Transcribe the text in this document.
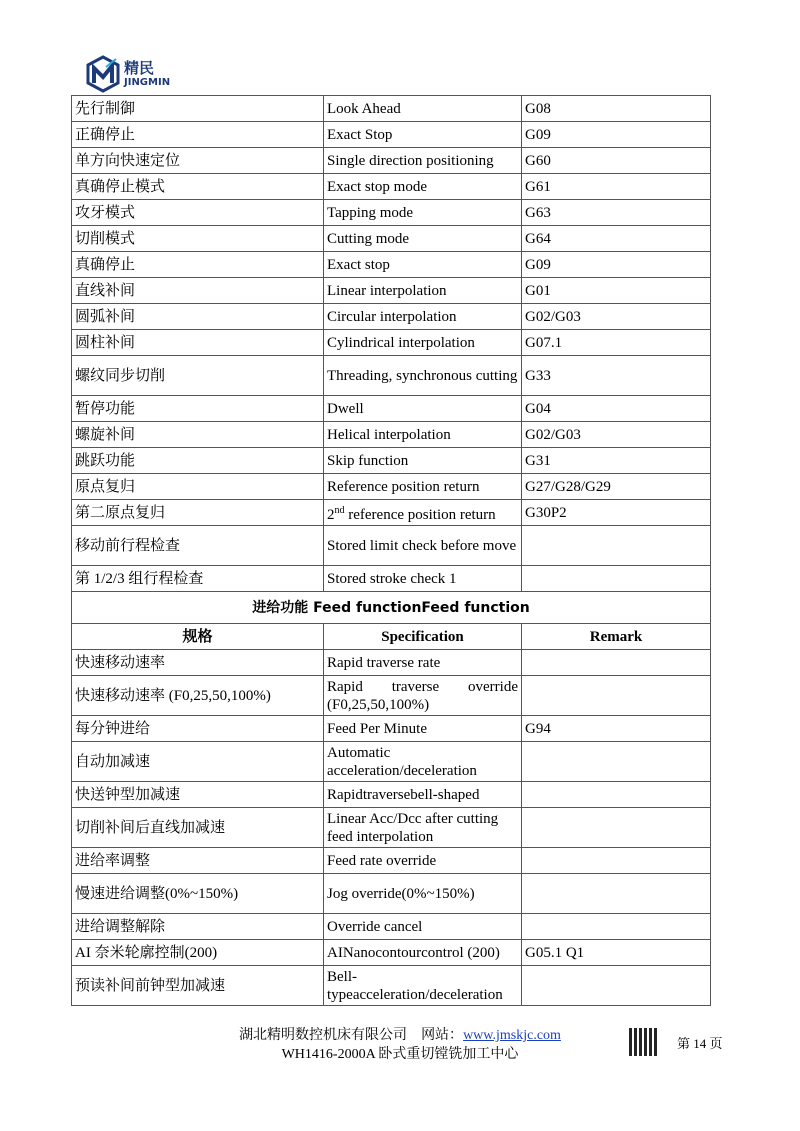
精民
JINGMIN
先行制御	Look Ahead	G08
正确停止	Exact Stop	G09
单方向快速定位	Single direction positioning	G60
真确停止模式	Exact stop mode	G61
攻牙模式	Tapping mode	G63
切削模式	Cutting mode	G64
真确停止	Exact stop	G09
直线补间	Linear interpolation	G01
圆弧补间	Circular interpolation	G02/G03
圆柱补间	Cylindrical interpolation	G07.1
螺纹同步切削	Threading, synchronous cutting	G33
暂停功能	Dwell	G04
螺旋补间	Helical interpolation	G02/G03
跳跃功能	Skip function	G31
原点复归	Reference position return	G27/G28/G29
第二原点复归	2nd reference position return	G30P2
移动前行程检查	Stored limit check before move	
第 1/2/3 组行程检查	Stored stroke check 1	
进给功能 Feed functionFeed function		
规格	Specification	Remark
快速移动速率	Rapid traverse rate	
快速移动速率 (F0,25,50,100%)	Rapid traverse override (F0,25,50,100%)	
每分钟进给	Feed Per Minute	G94
自动加减速	Automatic acceleration/deceleration	
快送钟型加减速	Rapidtraversebell-shaped	
切削补间后直线加减速	Linear Acc/Dcc after cutting feed interpolation	
进给率调整	Feed rate override	
慢速进给调整(0%~150%)	Jog override(0%~150%)	
进给调整解除	Override cancel	
AI 奈米轮廓控制(200)	AINanocontourcontrol (200)	G05.1 Q1
预读补间前钟型加减速	Bell-typeacceleration/deceleration	
湖北精明数控机床有限公司 网站：www.jmskjc.com
WH1416-2000A 卧式重切镗铣加工中心
第 14 页
